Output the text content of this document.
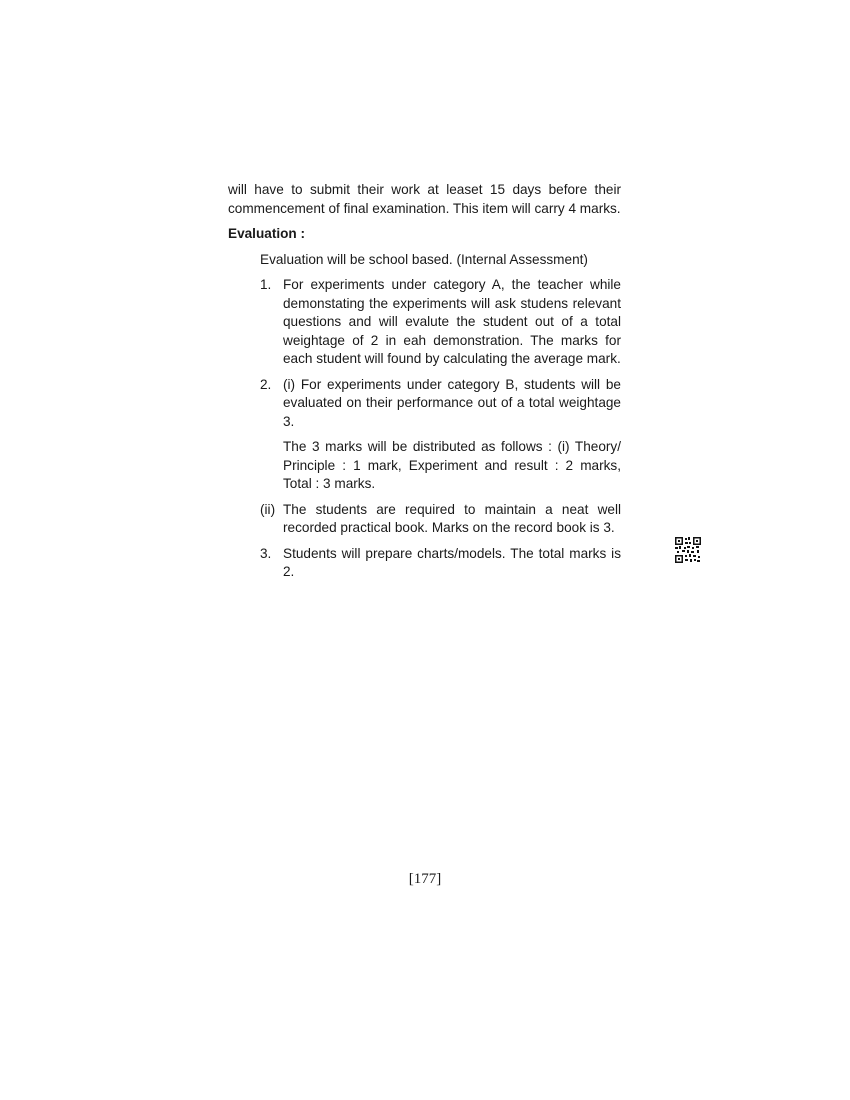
will have to submit their work at leaset 15 days before their commencement of final examination. This item will carry 4 marks.

Evaluation :

Evaluation will be school based. (Internal Assessment)

1. For experiments under category A, the teacher while demonstating the experiments will ask studens relevant questions and will evalute the student out of a total weightage of 2 in eah demonstration. The marks for each student will found by calculating the average mark.
2. (i) For experiments under category B, students will be evaluated on their performance out of a total weightage 3.

The 3 marks will be distributed as follows : (i) Theory/ Principle : 1 mark, Experiment and result : 2 marks, Total : 3 marks.

(ii) The students are required to maintain a neat well recorded practical book. Marks on the record book is 3.
3. Students will prepare charts/models. The total marks is 2.
[177]
